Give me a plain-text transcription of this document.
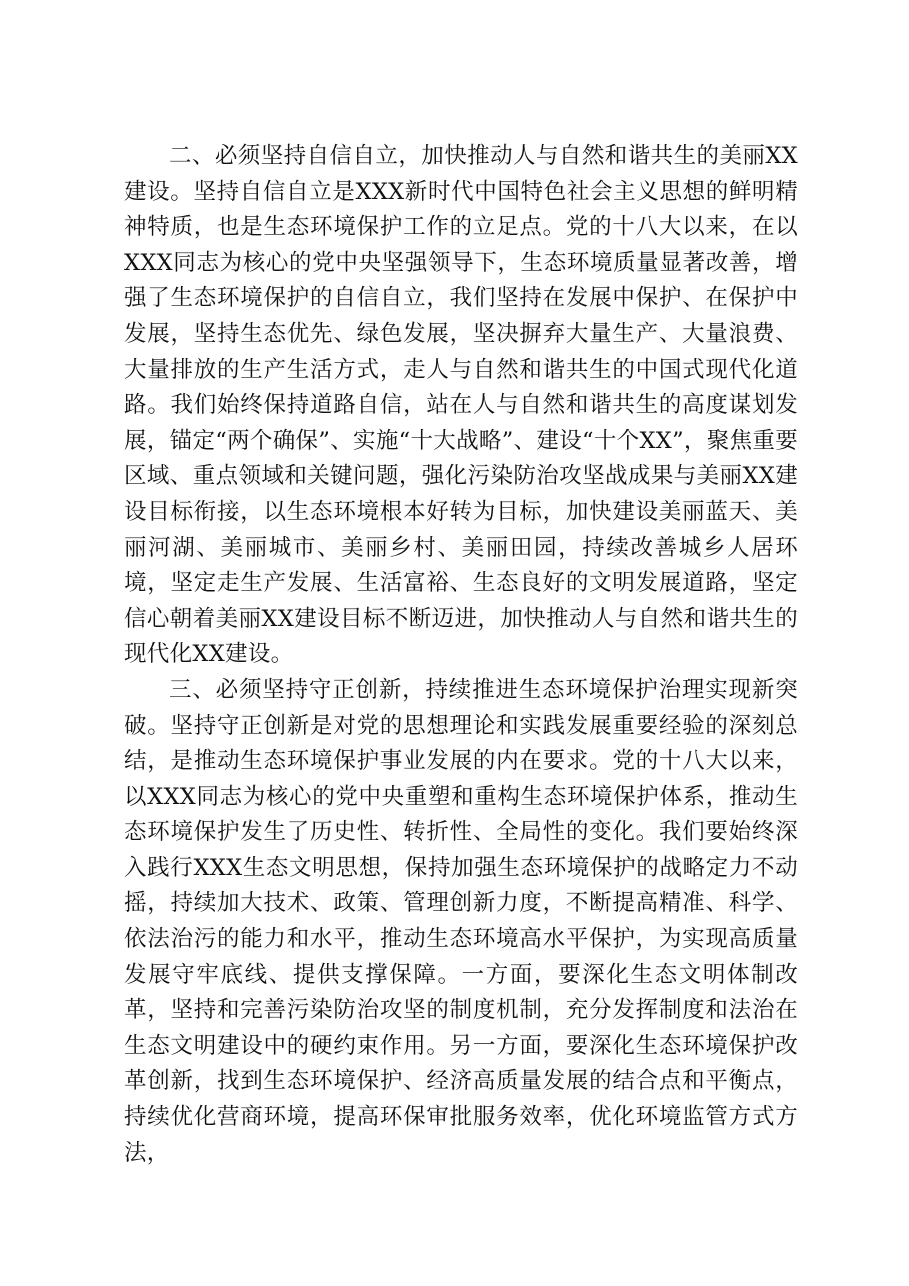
二、必须坚持自信自立，加快推动人与自然和谐共生的美丽XX建设。坚持自信自立是XXX新时代中国特色社会主义思想的鲜明精神特质，也是生态环境保护工作的立足点。党的十八大以来，在以XXX同志为核心的党中央坚强领导下，生态环境质量显著改善，增强了生态环境保护的自信自立，我们坚持在发展中保护、在保护中发展，坚持生态优先、绿色发展，坚决摒弃大量生产、大量浪费、大量排放的生产生活方式，走人与自然和谐共生的中国式现代化道路。我们始终保持道路自信，站在人与自然和谐共生的高度谋划发展，锚定“两个确保”、实施“十大战略”、建设“十个XX”，聚焦重要区域、重点领域和关键问题，强化污染防治攻坚战成果与美丽XX建设目标衔接，以生态环境根本好转为目标，加快建设美丽蓝天、美丽河湖、美丽城市、美丽乡村、美丽田园，持续改善城乡人居环境，坚定走生产发展、生活富裕、生态良好的文明发展道路，坚定信心朝着美丽XX建设目标不断迈进，加快推动人与自然和谐共生的现代化XX建设。

三、必须坚持守正创新，持续推进生态环境保护治理实现新突破。坚持守正创新是对党的思想理论和实践发展重要经验的深刻总结，是推动生态环境保护事业发展的内在要求。党的十八大以来，以XXX同志为核心的党中央重塑和重构生态环境保护体系，推动生态环境保护发生了历史性、转折性、全局性的变化。我们要始终深入践行XXX生态文明思想，保持加强生态环境保护的战略定力不动摇，持续加大技术、政策、管理创新力度，不断提高精准、科学、依法治污的能力和水平，推动生态环境高水平保护，为实现高质量发展守牢底线、提供支撑保障。一方面，要深化生态文明体制改革，坚持和完善污染防治攻坚的制度机制，充分发挥制度和法治在生态文明建设中的硬约束作用。另一方面，要深化生态环境保护改革创新，找到生态环境保护、经济高质量发展的结合点和平衡点，持续优化营商环境，提高环保审批服务效率，优化环境监管方式方法，
